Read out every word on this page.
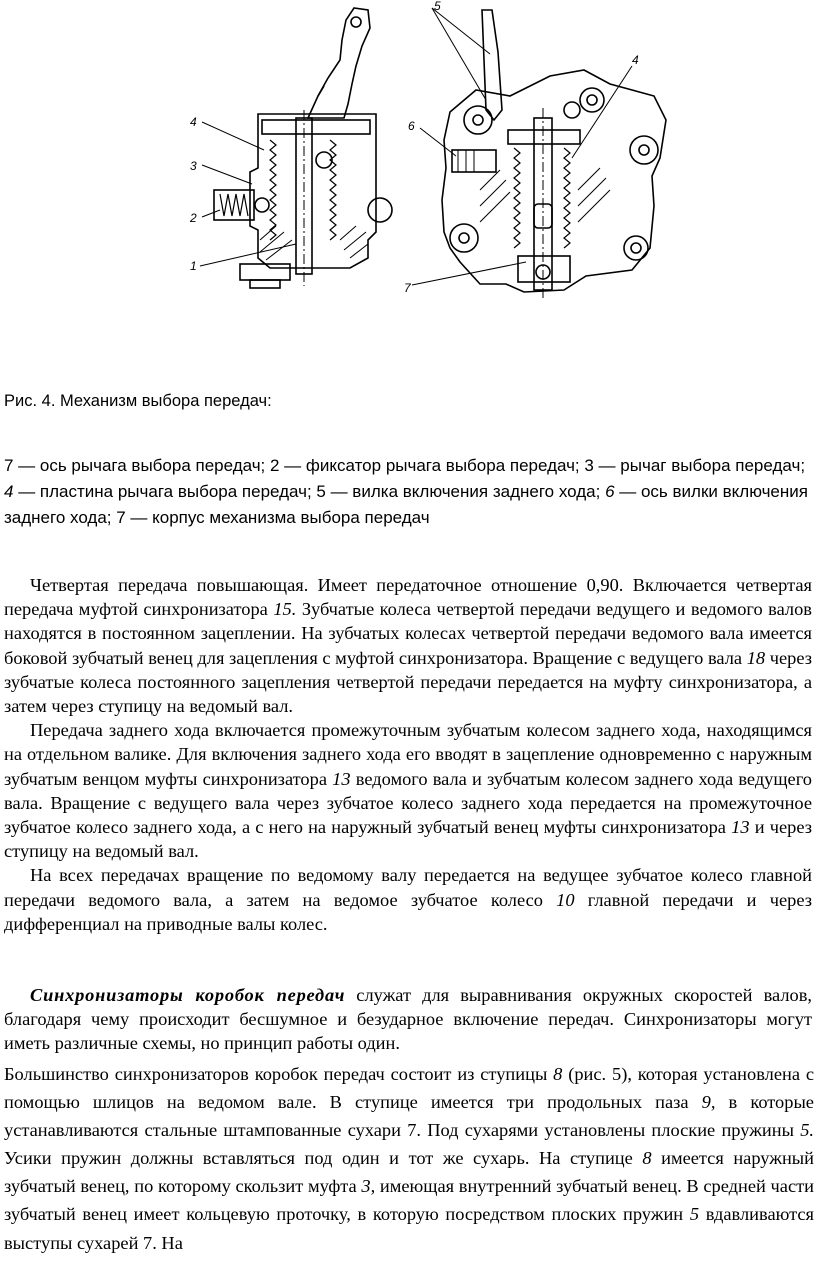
5
4
3
2
1
6
4
7
Рис. 4. Механизм выбора передач:
7 — ось рычага выбора передач; 2 — фиксатор рычага выбора передач; 3 — рычаг выбора передач; 4 — пластина рычага выбора передач; 5 — вилка включения заднего хода; 6 — ось вилки включения заднего хода; 7 — корпус механизма выбора передач

Четвертая передача повышающая. Имеет передаточное отношение 0,90. Включается четвертая передача муфтой синхронизатора 15. Зубчатые колеса четвертой передачи ведущего и ведомого валов находятся в постоянном зацеплении. На зубчатых колесах четвертой передачи ведомого вала имеется боковой зубчатый венец для зацепления с муфтой синхронизатора. Вращение с ведущего вала 18 через зубчатые колеса постоянного зацепления четвертой передачи передается на муфту синхронизатора, а затем через ступицу на ведомый вал.

Передача заднего хода включается промежуточным зубчатым колесом заднего хода, находящимся на отдельном валике. Для включения заднего хода его вводят в зацепление одновременно с наружным зубчатым венцом муфты синхронизатора 13 ведомого вала и зубчатым колесом заднего хода ведущего вала. Вращение с ведущего вала через зубчатое колесо заднего хода передается на промежуточное зубчатое колесо заднего хода, а с него на наружный зубчатый венец муфты синхронизатора 13 и через ступицу на ведомый вал.

На всех передачах вращение по ведомому валу передается на ведущее зубчатое колесо главной передачи ведомого вала, а затем на ведомое зубчатое колесо 10 главной передачи и через дифференциал на приводные валы колес.

Синхронизаторы коробок передач служат для выравнивания окружных скоростей валов, благодаря чему происходит бесшумное и безударное включение передач. Синхронизаторы могут иметь различные схемы, но принцип работы один.

Большинство синхронизаторов коробок передач состоит из ступицы 8 (рис. 5), которая установлена с помощью шлицов на ведомом вале. В ступице имеется три продольных паза 9, в которые устанавливаются стальные штампованные сухари 7. Под сухарями установлены плоские пружины 5. Усики пружин должны вставляться под один и тот же сухарь. На ступице 8 имеется наружный зубчатый венец, по которому скользит муфта 3, имеющая внутренний зубчатый венец. В средней части зубчатый венец имеет кольцевую проточку, в которую посредством плоских пружин 5 вдавливаются выступы сухарей 7. На
